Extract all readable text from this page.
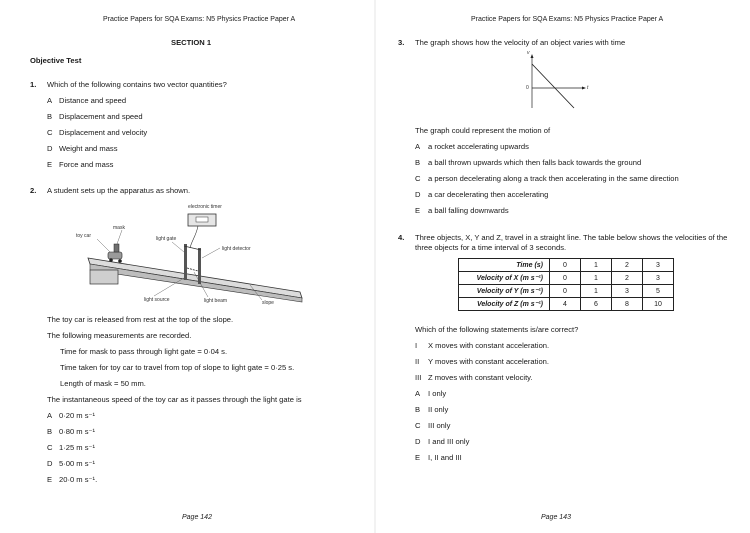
Practice Papers for SQA Exams: N5 Physics Practice Paper A
SECTION 1
Objective Test
1. Which of the following contains two vector quantities?
A Distance and speed
B Displacement and speed
C Displacement and velocity
D Weight and mass
E Force and mass
2. A student sets up the apparatus as shown.
electronic timer
toy car
mask
light gate
light detector
light source	light beam	slope
The toy car is released from rest at the top of the slope.
The following measurements are recorded.
Time for mask to pass through light gate = 0·04 s.
Time taken for toy car to travel from top of slope to light gate = 0·25 s.
Length of mask = 50 mm.
The instantaneous speed of the toy car as it passes through the light gate is
A 0·20 m s⁻¹
B 0·80 m s⁻¹
C 1·25 m s⁻¹
D 5·00 m s⁻¹
E 20·0 m s⁻¹.
Page 142
Practice Papers for SQA Exams: N5 Physics Practice Paper A
3. The graph shows how the velocity of an object varies with time
v
t
0
The graph could represent the motion of
A a rocket accelerating upwards
B a ball thrown upwards which then falls back towards the ground
C a person decelerating along a track then accelerating in the same direction
D a car decelerating then accelerating
E a ball falling downwards
4. Three objects, X, Y and Z, travel in a straight line. The table below shows the velocities of the
three objects for a time interval of 3 seconds.
Time (s)	0	1	2	3
Velocity of X (m s⁻¹)	0	1	2	3
Velocity of Y (m s⁻¹)	0	1	3	5
Velocity of Z (m s⁻¹)	4	6	8	10
Which of the following statements is/are correct?
I X moves with constant acceleration.
II Y moves with constant acceleration.
III Z moves with constant velocity.
A I only
B II only
C III only
D I and III only
E I, II and III
Page 143
